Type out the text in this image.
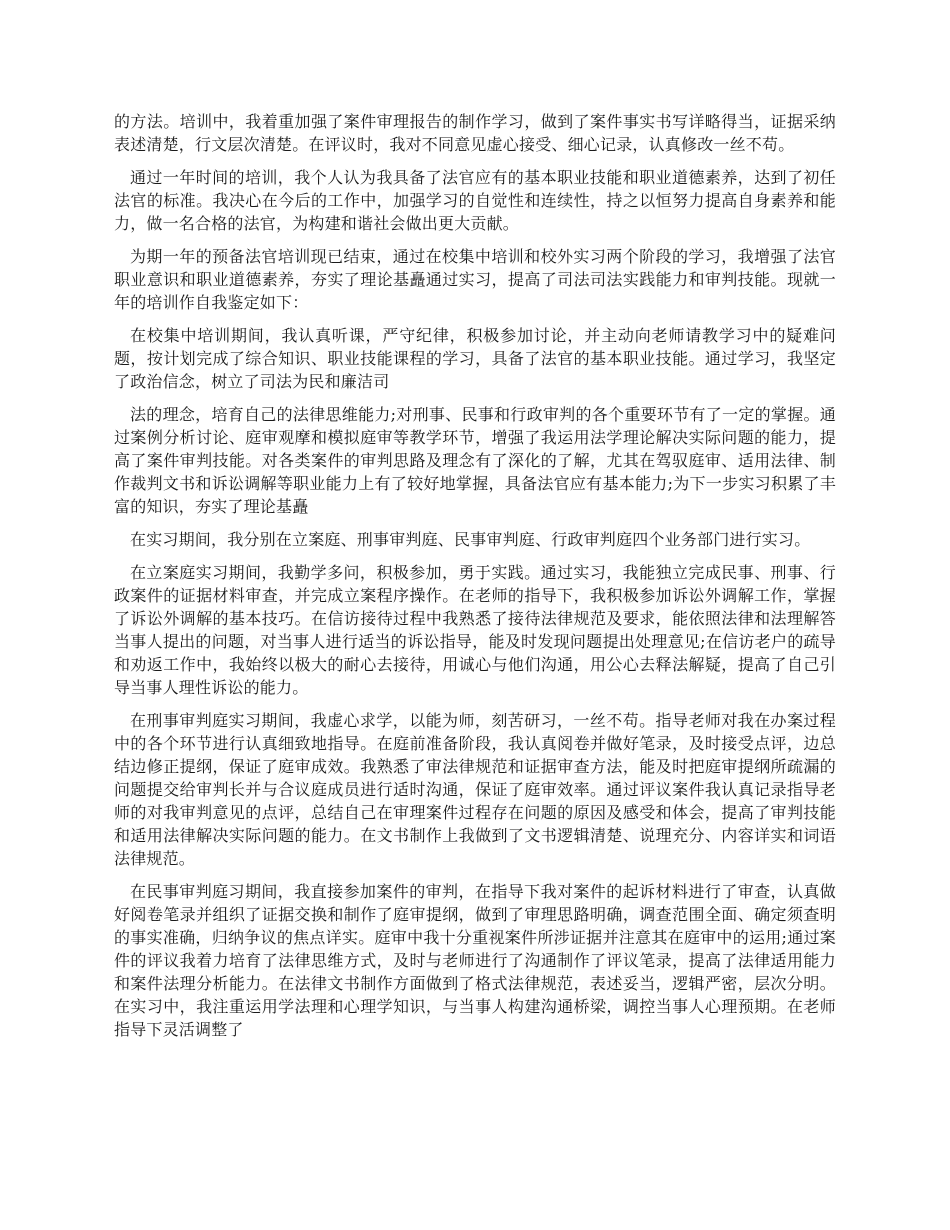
的方法。培训中，我着重加强了案件审理报告的制作学习，做到了案件事实书写详略得当，证据采纳表述清楚，行文层次清楚。在评议时，我对不同意见虚心接受、细心记录，认真修改一丝不苟。

通过一年时间的培训，我个人认为我具备了法官应有的基本职业技能和职业道德素养，达到了初任法官的标准。我决心在今后的工作中，加强学习的自觉性和连续性，持之以恒努力提高自身素养和能力，做一名合格的法官，为构建和谐社会做出更大贡献。

为期一年的预备法官培训现已结束，通过在校集中培训和校外实习两个阶段的学习，我增强了法官职业意识和职业道德素养，夯实了理论基矗通过实习，提高了司法司法实践能力和审判技能。现就一年的培训作自我鉴定如下：

在校集中培训期间，我认真听课，严守纪律，积极参加讨论，并主动向老师请教学习中的疑难问题，按计划完成了综合知识、职业技能课程的学习，具备了法官的基本职业技能。通过学习，我坚定了政治信念，树立了司法为民和廉洁司

法的理念，培育自己的法律思维能力;对刑事、民事和行政审判的各个重要环节有了一定的掌握。通过案例分析讨论、庭审观摩和模拟庭审等教学环节，增强了我运用法学理论解决实际问题的能力，提高了案件审判技能。对各类案件的审判思路及理念有了深化的了解，尤其在驾驭庭审、适用法律、制作裁判文书和诉讼调解等职业能力上有了较好地掌握，具备法官应有基本能力;为下一步实习积累了丰富的知识，夯实了理论基矗

在实习期间，我分别在立案庭、刑事审判庭、民事审判庭、行政审判庭四个业务部门进行实习。

在立案庭实习期间，我勤学多问，积极参加，勇于实践。通过实习，我能独立完成民事、刑事、行政案件的证据材料审查，并完成立案程序操作。在老师的指导下，我积极参加诉讼外调解工作，掌握了诉讼外调解的基本技巧。在信访接待过程中我熟悉了接待法律规范及要求，能依照法律和法理解答当事人提出的问题，对当事人进行适当的诉讼指导，能及时发现问题提出处理意见;在信访老户的疏导和劝返工作中，我始终以极大的耐心去接待，用诚心与他们沟通，用公心去释法解疑，提高了自己引导当事人理性诉讼的能力。

在刑事审判庭实习期间，我虚心求学，以能为师，刻苦研习，一丝不苟。指导老师对我在办案过程中的各个环节进行认真细致地指导。在庭前准备阶段，我认真阅卷并做好笔录，及时接受点评，边总结边修正提纲，保证了庭审成效。我熟悉了审法律规范和证据审查方法，能及时把庭审提纲所疏漏的问题提交给审判长并与合议庭成员进行适时沟通，保证了庭审效率。通过评议案件我认真记录指导老师的对我审判意见的点评，总结自己在审理案件过程存在问题的原因及感受和体会，提高了审判技能和适用法律解决实际问题的能力。在文书制作上我做到了文书逻辑清楚、说理充分、内容详实和词语法律规范。

在民事审判庭习期间，我直接参加案件的审判，在指导下我对案件的起诉材料进行了审查，认真做好阅卷笔录并组织了证据交换和制作了庭审提纲，做到了审理思路明确，调查范围全面、确定须查明的事实准确，归纳争议的焦点详实。庭审中我十分重视案件所涉证据并注意其在庭审中的运用;通过案件的评议我着力培育了法律思维方式，及时与老师进行了沟通制作了评议笔录，提高了法律适用能力和案件法理分析能力。在法律文书制作方面做到了格式法律规范，表述妥当，逻辑严密，层次分明。在实习中，我注重运用学法理和心理学知识，与当事人构建沟通桥梁，调控当事人心理预期。在老师指导下灵活调整了
